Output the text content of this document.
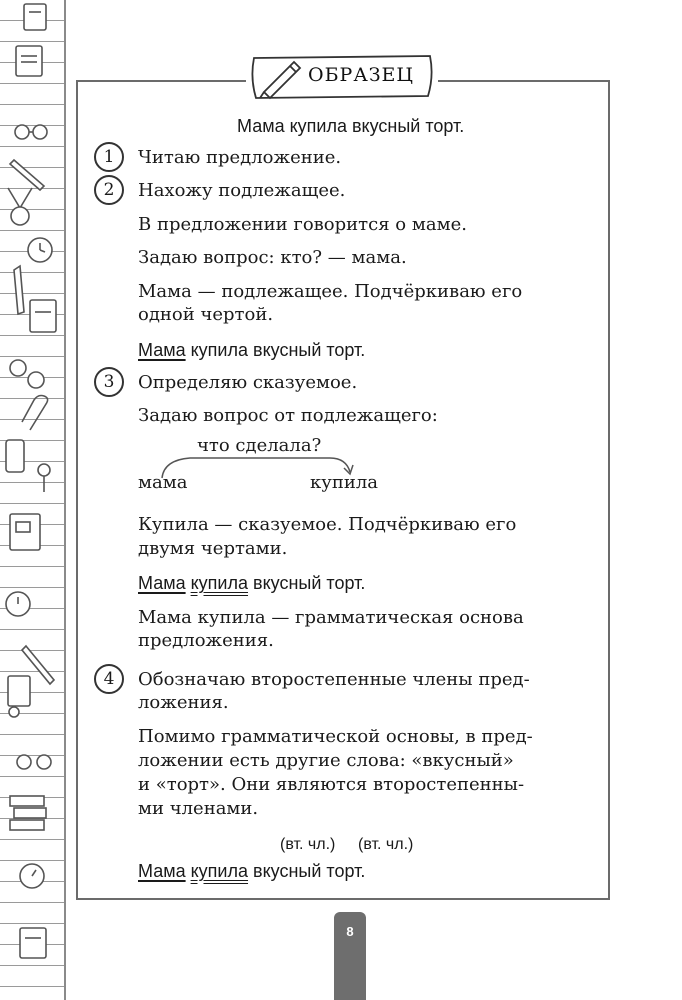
ОБРАЗЕЦ
Мама купила вкусный торт.
1	Читаю предложение.
2	Нахожу подлежащее.
В предложении говорится о маме.
Задаю вопрос: кто? — мама.
Мама — подлежащее. Подчёркиваю его
одной чертой.
Мама купила вкусный торт.
3	Определяю сказуемое.
Задаю вопрос от подлежащего:
что сделала?
мама	купила
Купила — сказуемое. Подчёркиваю его
двумя чертами.
Мама купила вкусный торт.
Мама купила — грамматическая основа
предложения.
4	Обозначаю второстепенные члены пред-
ложения.
Помимо грамматической основы, в пред-
ложении есть другие слова: «вкусный»
и «торт». Они являются второстепенны-
ми членами.
(вт. чл.) (вт. чл.)
Мама купила вкусный торт.
8
